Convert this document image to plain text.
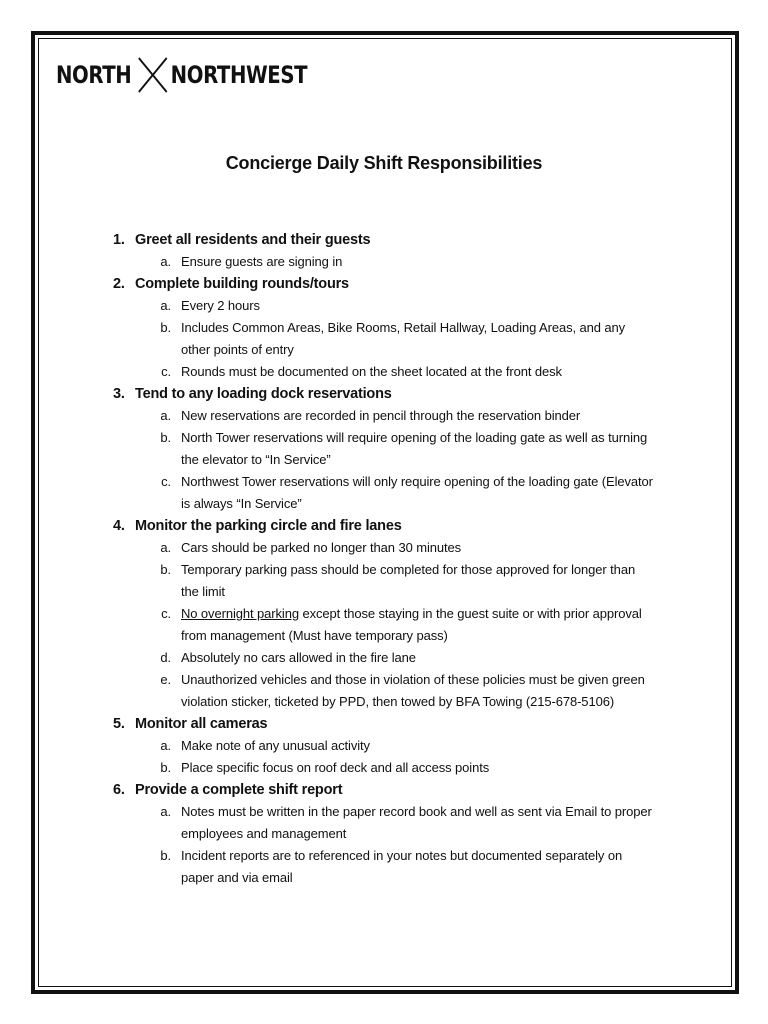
NORTH NORTHWEST
Concierge Daily Shift Responsibilities
1. Greet all residents and their guests
a. Ensure guests are signing in
2. Complete building rounds/tours
a. Every 2 hours
b. Includes Common Areas, Bike Rooms, Retail Hallway, Loading Areas, and any
other points of entry
c. Rounds must be documented on the sheet located at the front desk
3. Tend to any loading dock reservations
a. New reservations are recorded in pencil through the reservation binder
b. North Tower reservations will require opening of the loading gate as well as turning
the elevator to “In Service”
c. Northwest Tower reservations will only require opening of the loading gate (Elevator
is always “In Service”
4. Monitor the parking circle and fire lanes
a. Cars should be parked no longer than 30 minutes
b. Temporary parking pass should be completed for those approved for longer than
the limit
c. No overnight parking except those staying in the guest suite or with prior approval
from management (Must have temporary pass)
d. Absolutely no cars allowed in the fire lane
e. Unauthorized vehicles and those in violation of these policies must be given green
violation sticker, ticketed by PPD, then towed by BFA Towing (215-678-5106)
5. Monitor all cameras
a. Make note of any unusual activity
b. Place specific focus on roof deck and all access points
6. Provide a complete shift report
a. Notes must be written in the paper record book and well as sent via Email to proper
employees and management
b. Incident reports are to referenced in your notes but documented separately on
paper and via email
